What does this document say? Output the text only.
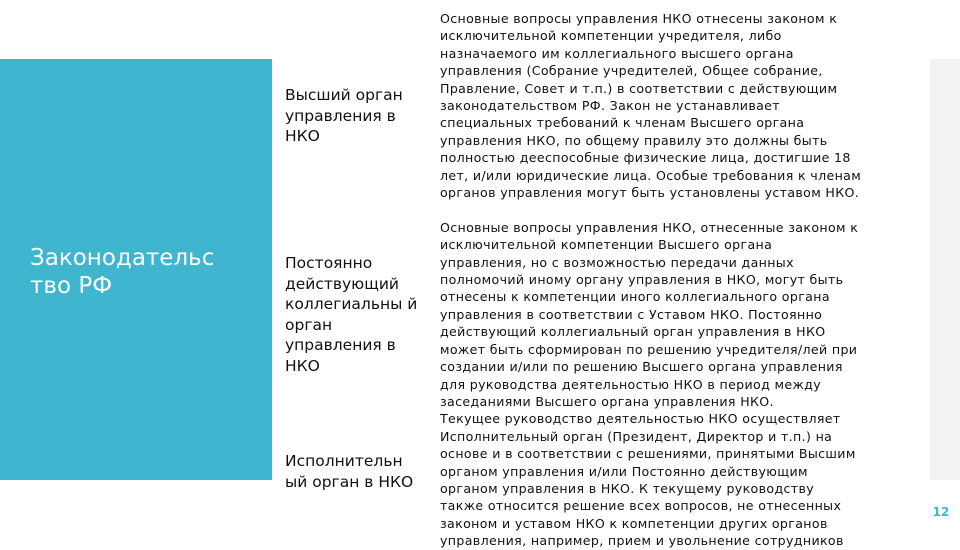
Законодательс тво РФ
Высший орган управления в НКО
Постоянно действующий коллегиальны й орган управления в НКО
Исполнительн ый орган в НКО

Основные вопросы управления НКО отнесены законом к
исключительной компетенции учредителя, либо
назначаемого им коллегиального высшего органа
управления (Собрание учредителей, Общее собрание,
Правление, Совет и т.п.) в соответствии с действующим
законодательством РФ. Закон не устанавливает
специальных требований к членам Высшего органа
управления НКО, по общему правилу это должны быть
полностью дееспособные физические лица, достигшие 18
лет, и/или юридические лица. Особые требования к членам
органов управления могут быть установлены уставом НКО.

Основные вопросы управления НКО, отнесенные законом к
исключительной компетенции Высшего органа
управления, но с возможностью передачи данных
полномочий иному органу управления в НКО, могут быть
отнесены к компетенции иного коллегиального органа
управления в соответствии с Уставом НКО. Постоянно
действующий коллегиальный орган управления в НКО
может быть сформирован по решению учредителя/лей при
создании и/или по решению Высшего органа управления
для руководства деятельностью НКО в период между
заседаниями Высшего органа управления НКО.

Текущее руководство деятельностью НКО осуществляет
Исполнительный орган (Президент, Директор и т.п.) на
основе и в соответствии с решениями, принятыми Высшим
органом управления и/или Постоянно действующим
органом управления в НКО. К текущему руководству
также относится решение всех вопросов, не отнесенных
законом и уставом НКО к компетенции других органов
управления, например, прием и увольнение сотрудников

12
